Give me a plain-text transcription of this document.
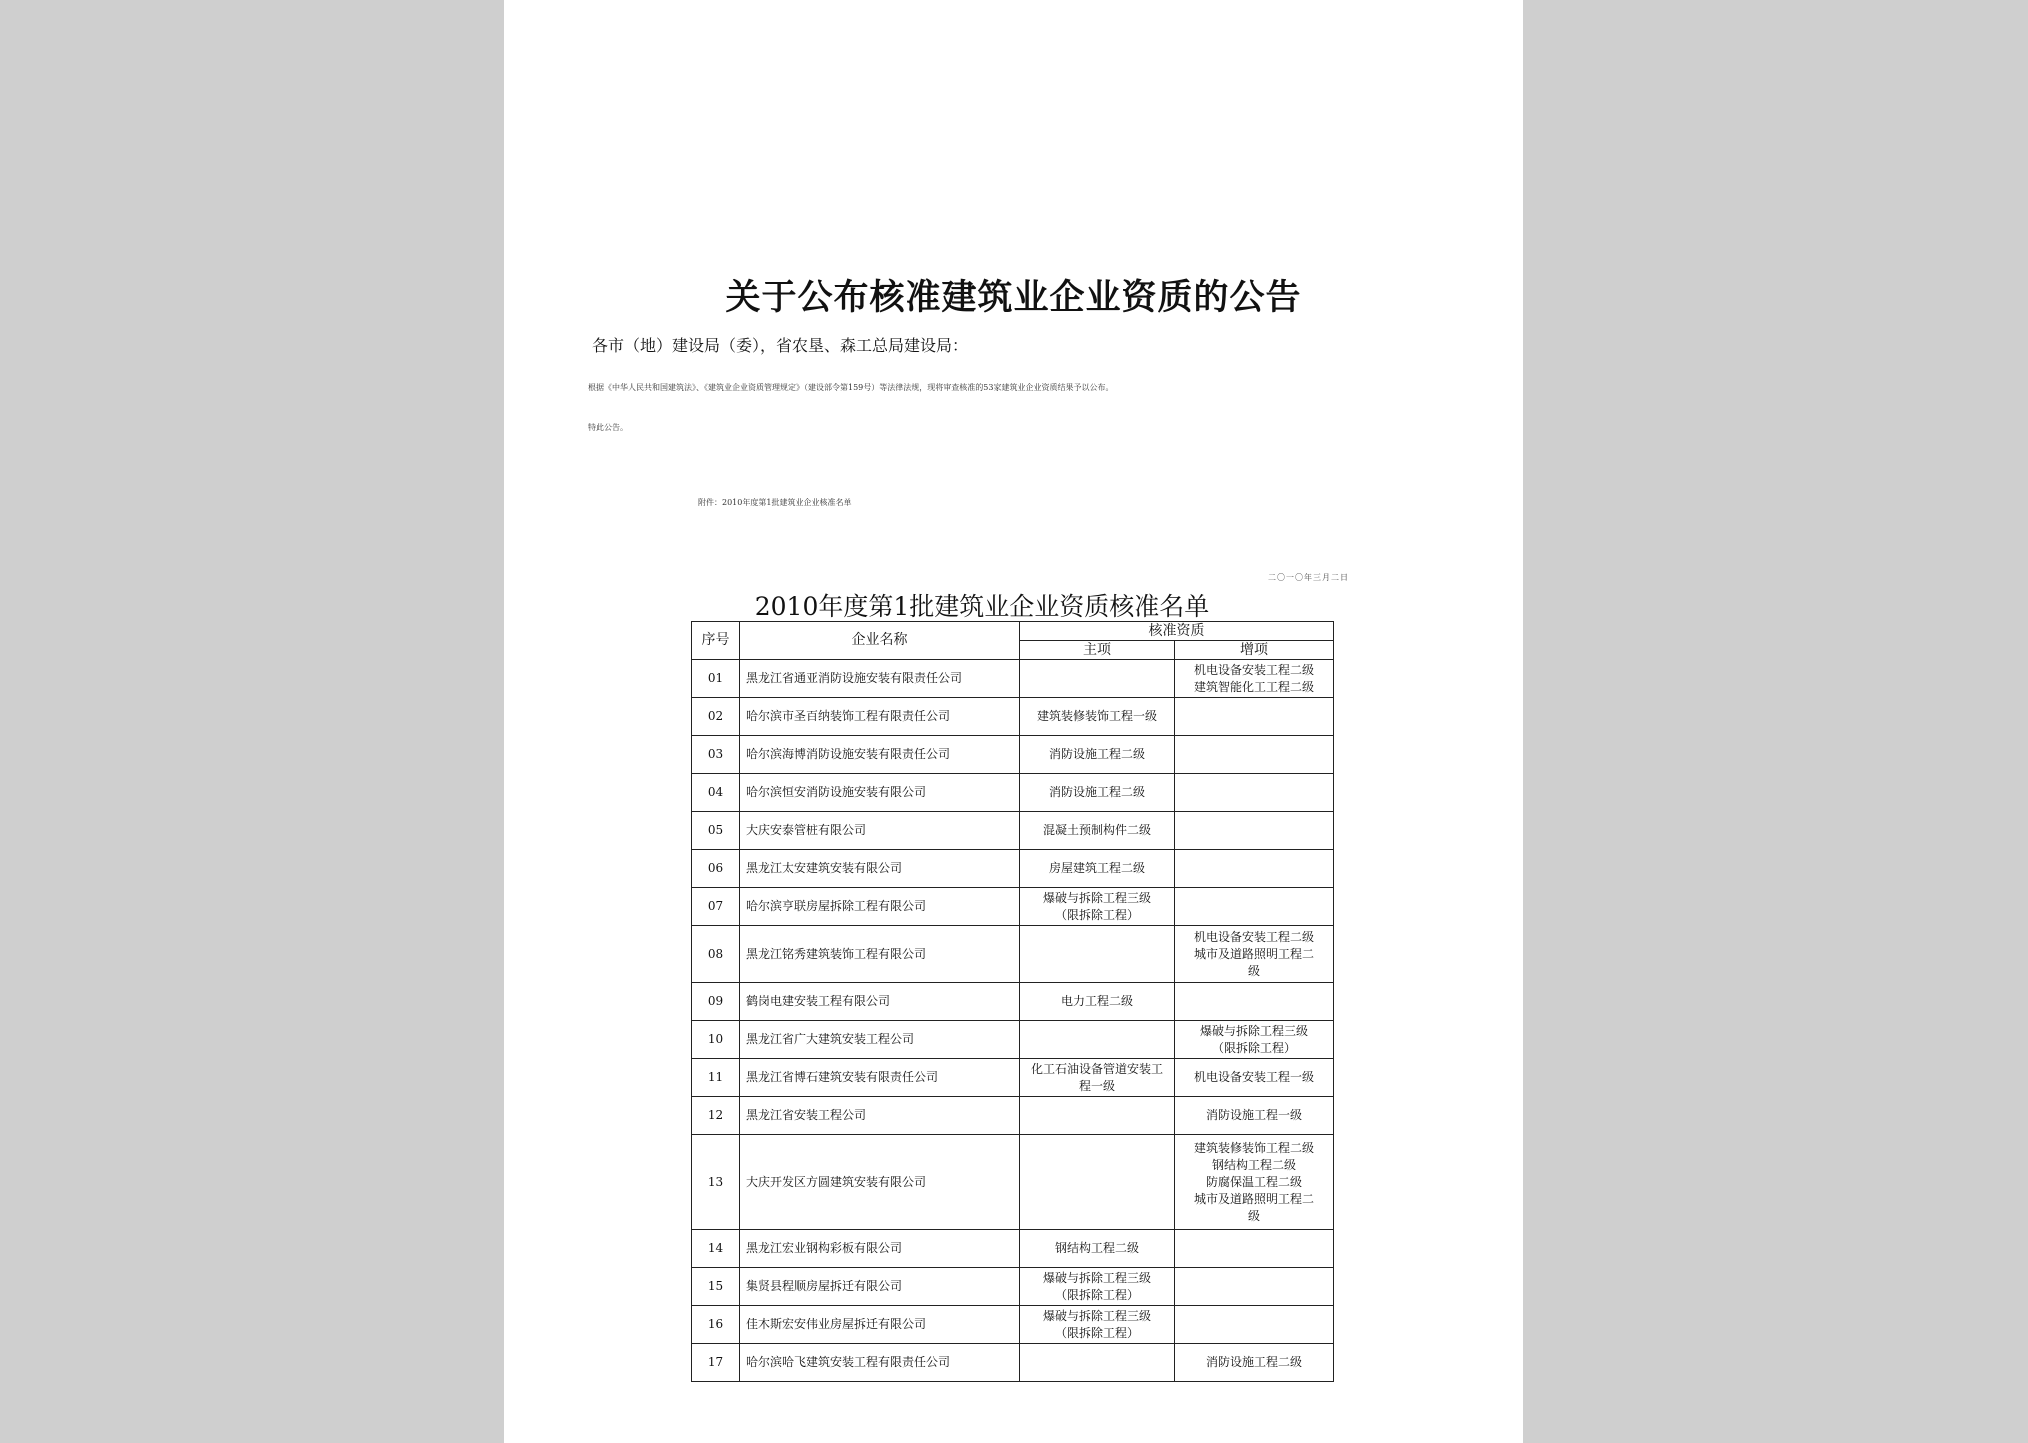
关于公布核准建筑业企业资质的公告
各市（地）建设局（委），省农垦、森工总局建设局：
根据《中华人民共和国建筑法》、《建筑业企业资质管理规定》（建设部令第159号）等法律法规，现将审查核准的53家建筑业企业资质结果予以公布。
特此公告。
附件：2010年度第1批建筑业企业核准名单
二〇一〇年三月二日
2010年度第1批建筑业企业资质核准名单
序号	企业名称	核准资质	
		主项	增项
01	黑龙江省通亚消防设施安装有限责任公司		机电设备安装工程二级
建筑智能化工工程二级

02	哈尔滨市圣百纳装饰工程有限责任公司	建筑装修装饰工程一级	

03	哈尔滨海博消防设施安装有限责任公司	消防设施工程二级	

04	哈尔滨恒安消防设施安装有限公司	消防设施工程二级	

05	大庆安泰管桩有限公司	混凝土预制构件二级	

06	黑龙江太安建筑安装有限公司	房屋建筑工程二级	

07	哈尔滨亨联房屋拆除工程有限公司	爆破与拆除工程三级
（限拆除工程）	

08	黑龙江铭秀建筑装饰工程有限公司		机电设备安装工程二级
城市及道路照明工程二
级

09	鹤岗电建安装工程有限公司	电力工程二级	

10	黑龙江省广大建筑安装工程公司		爆破与拆除工程三级
（限拆除工程）

11	黑龙江省博石建筑安装有限责任公司	化工石油设备管道安装工
程一级	机电设备安装工程一级

12	黑龙江省安装工程公司		消防设施工程一级

13	大庆开发区方圆建筑安装有限公司		建筑装修装饰工程二级
钢结构工程二级
防腐保温工程二级
城市及道路照明工程二
级

14	黑龙江宏业钢构彩板有限公司	钢结构工程二级	

15	集贤县程顺房屋拆迁有限公司	爆破与拆除工程三级
（限拆除工程）	

16	佳木斯宏安伟业房屋拆迁有限公司	爆破与拆除工程三级
（限拆除工程）	

17	哈尔滨哈飞建筑安装工程有限责任公司		消防设施工程二级
